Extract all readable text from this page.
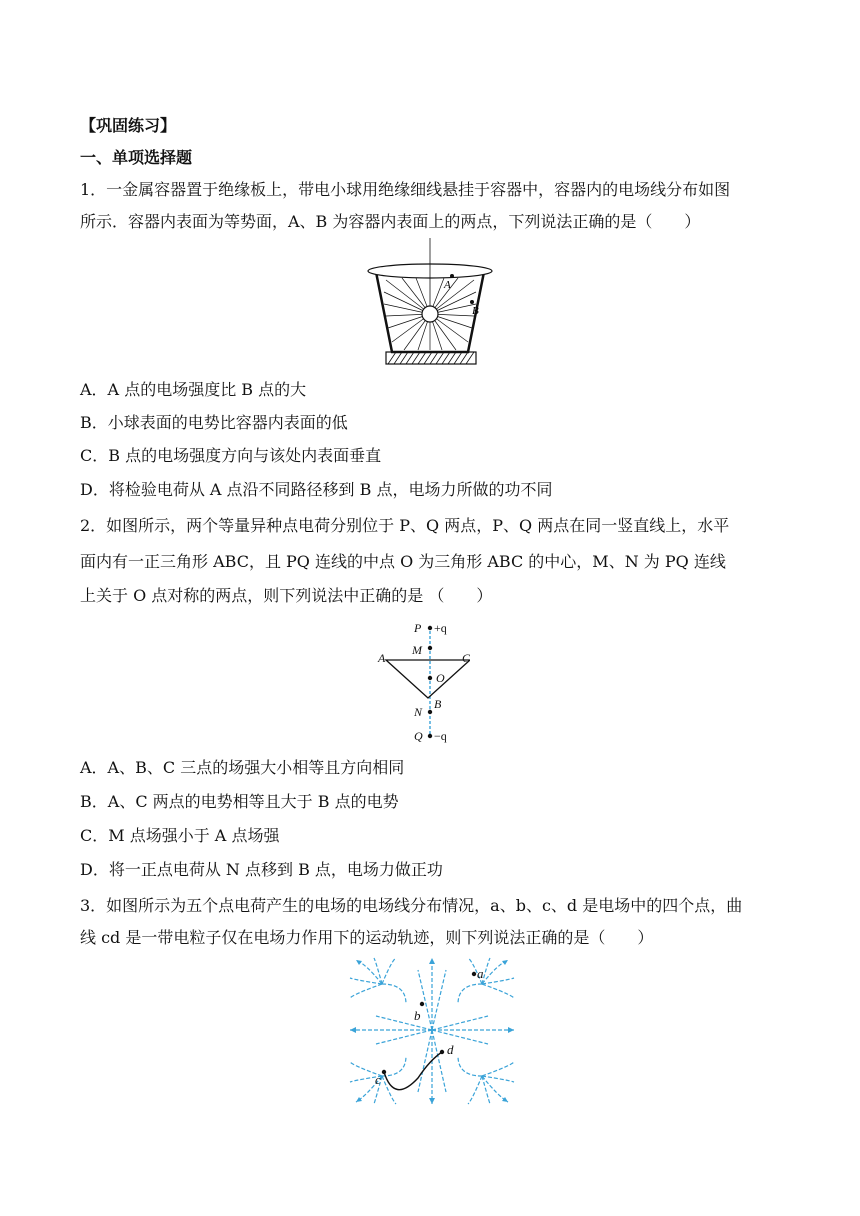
【巩固练习】
一、单项选择题
1．一金属容器置于绝缘板上，带电小球用绝缘细线悬挂于容器中，容器内的电场线分布如图
所示．容器内表面为等势面，A、B 为容器内表面上的两点，下列说法正确的是（　　）
A
B
A．A 点的电场强度比 B 点的大
B．小球表面的电势比容器内表面的低
C．B 点的电场强度方向与该处内表面垂直
D．将检验电荷从 A 点沿不同路径移到 B 点，电场力所做的功不同
2．如图所示，两个等量异种点电荷分别位于 P、Q 两点，P、Q 两点在同一竖直线上，水平
面内有一正三角形 ABC，且 PQ 连线的中点 O 为三角形 ABC 的中心，M、N 为 PQ 连线
上关于 O 点对称的两点，则下列说法中正确的是 （　　）
P +q
M
A	C
O
N
B
Q −q
A．A、B、C 三点的场强大小相等且方向相同
B．A、C 两点的电势相等且大于 B 点的电势
C．M 点场强小于 A 点场强
D．将一正点电荷从 N 点移到 B 点，电场力做正功
3．如图所示为五个点电荷产生的电场的电场线分布情况，a、b、c、d 是电场中的四个点，曲
线 cd 是一带电粒子仅在电场力作用下的运动轨迹，则下列说法正确的是（　　）
a
b
c
d
